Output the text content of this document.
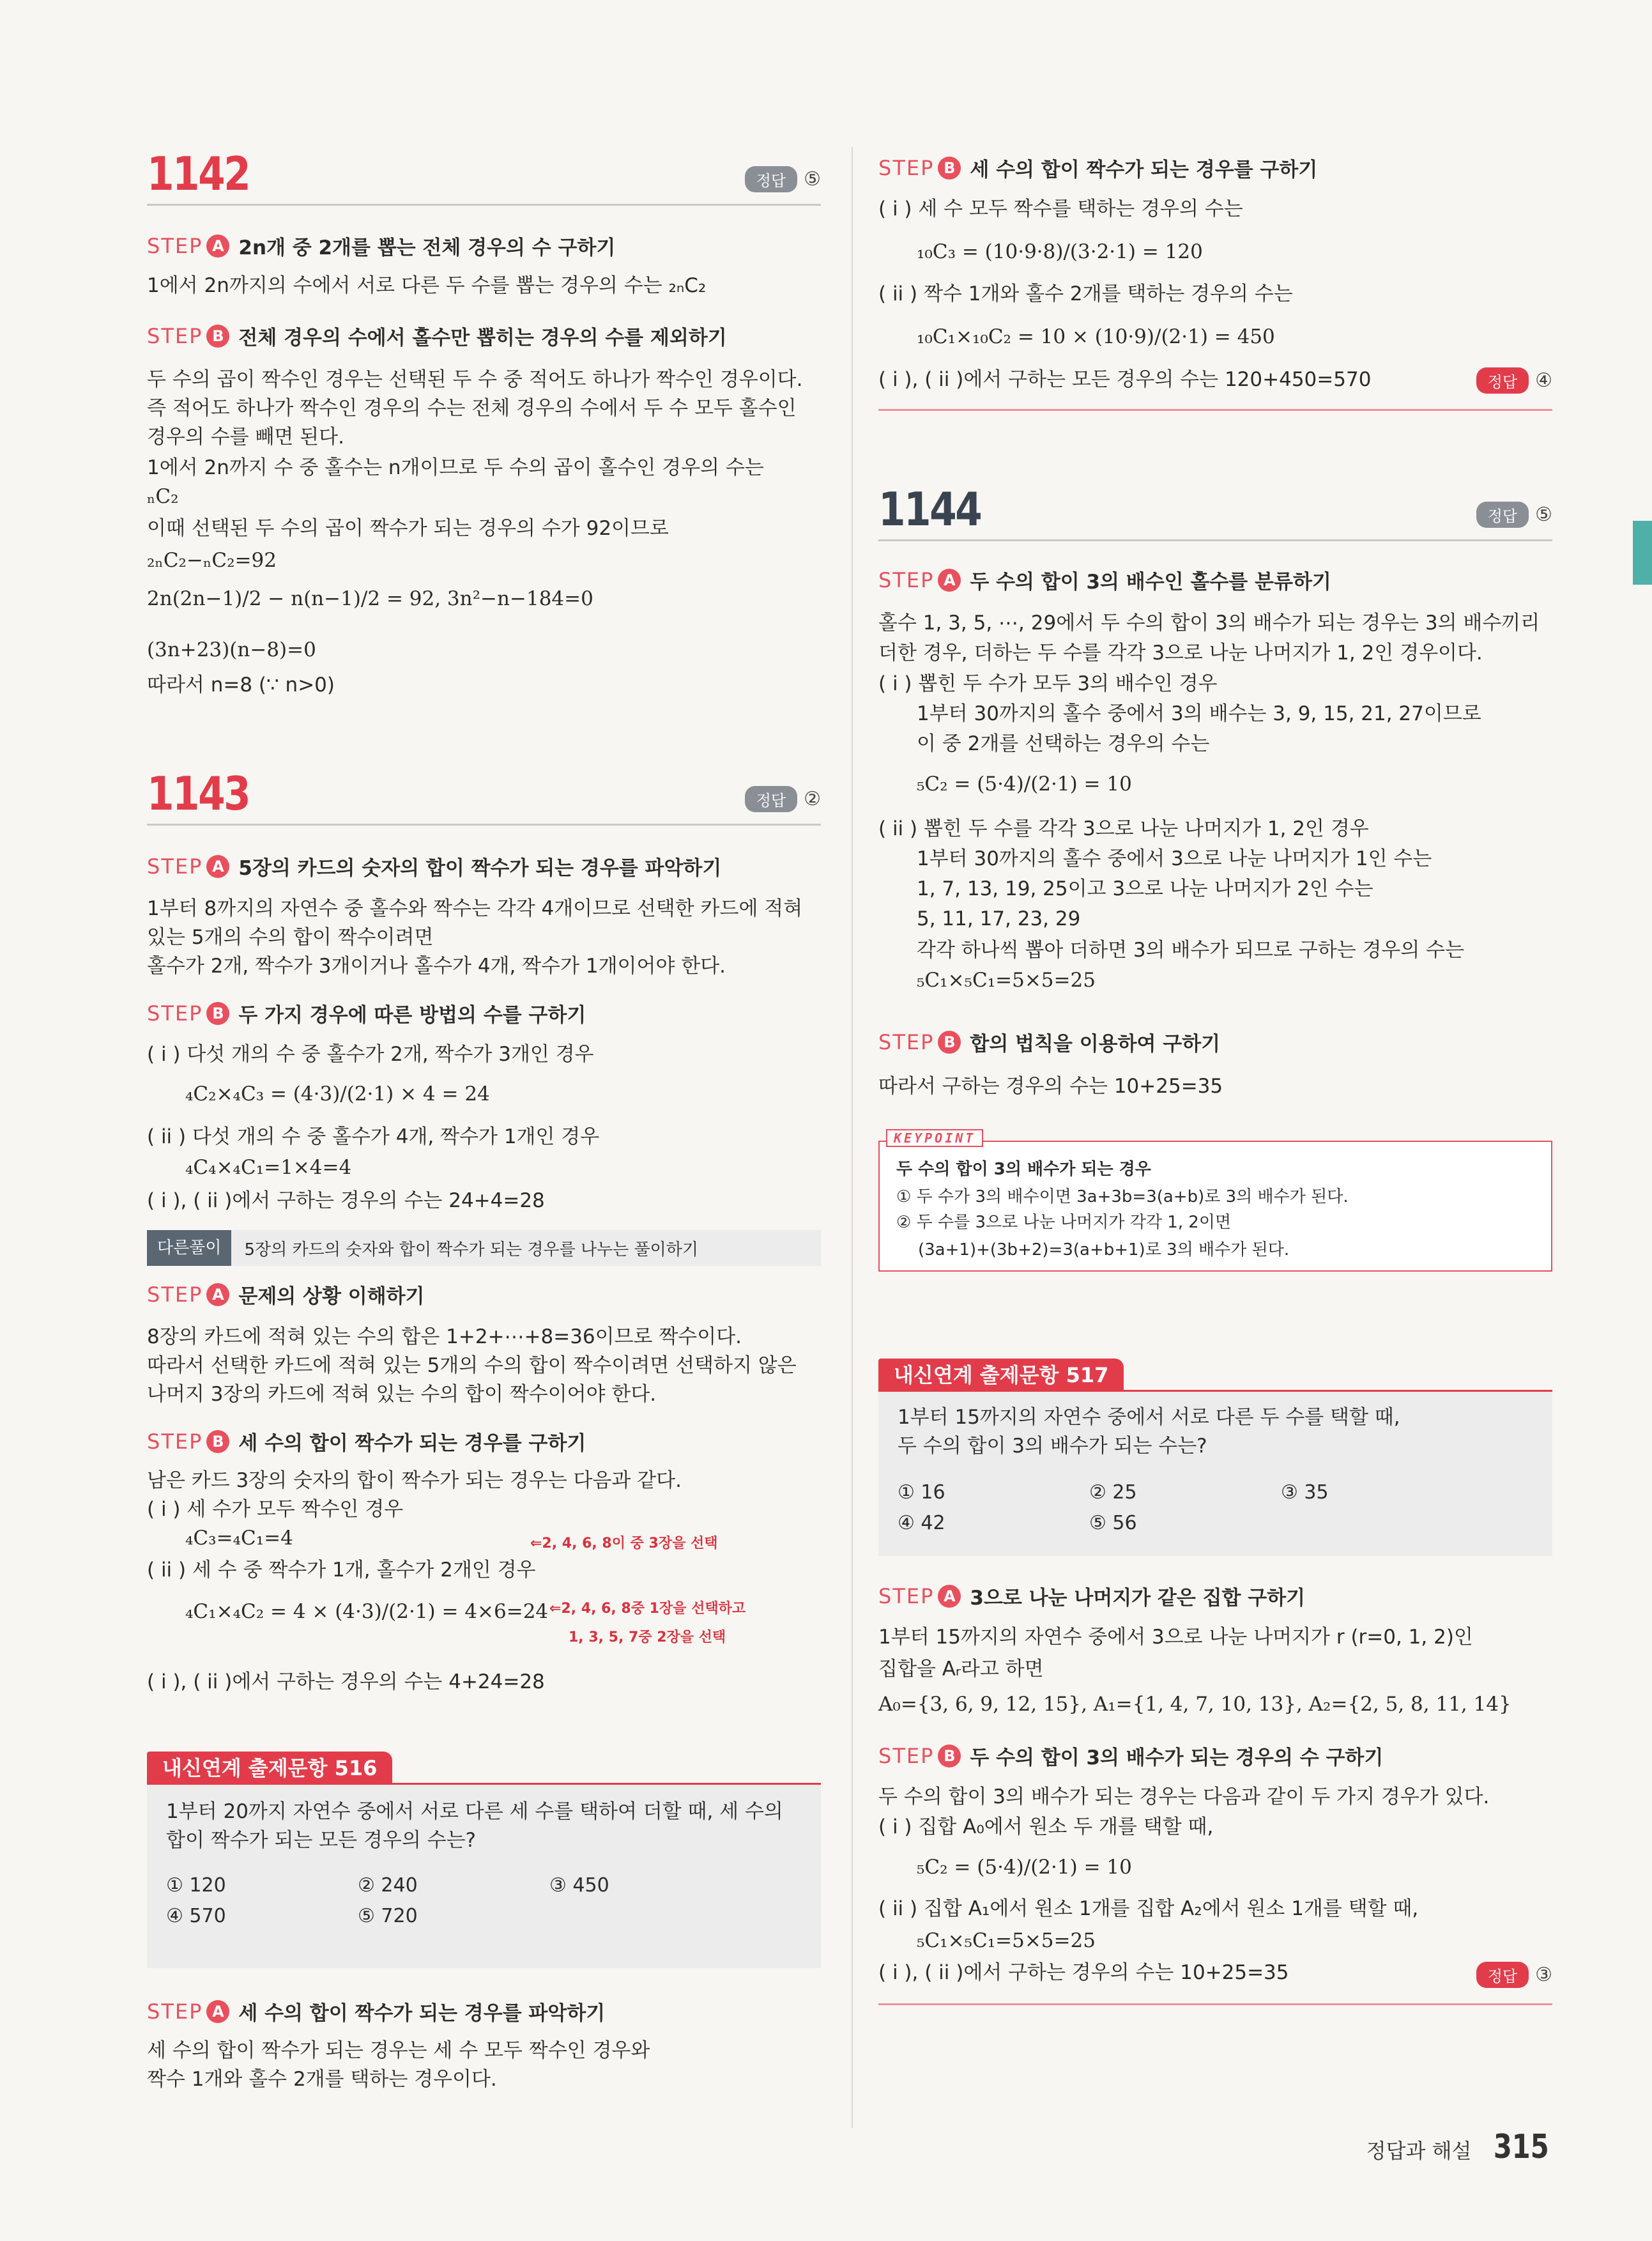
1142	정답 ⑤
STEP A 2n개 중 2개를 뽑는 전체 경우의 수 구하기
1에서 2n까지의 수에서 서로 다른 두 수를 뽑는 경우의 수는 ₂ₙC₂
STEP B 전체 경우의 수에서 홀수만 뽑히는 경우의 수를 제외하기
두 수의 곱이 짝수인 경우는 선택된 두 수 중 적어도 하나가 짝수인 경우이다.
즉 적어도 하나가 짝수인 경우의 수는 전체 경우의 수에서 두 수 모두 홀수인
경우의 수를 빼면 된다.
1에서 2n까지 수 중 홀수는 n개이므로 두 수의 곱이 홀수인 경우의 수는
ₙC₂
이때 선택된 두 수의 곱이 짝수가 되는 경우의 수가 92이므로
₂ₙC₂−ₙC₂=92
2n(2n−1)/2 − n(n−1)/2 = 92, 3n²−n−184=0
(3n+23)(n−8)=0
따라서 n=8 (∵ n>0)
1143	정답 ②
STEP A 5장의 카드의 숫자의 합이 짝수가 되는 경우를 파악하기
1부터 8까지의 자연수 중 홀수와 짝수는 각각 4개이므로 선택한 카드에 적혀
있는 5개의 수의 합이 짝수이려면
홀수가 2개, 짝수가 3개이거나 홀수가 4개, 짝수가 1개이어야 한다.
STEP B 두 가지 경우에 따른 방법의 수를 구하기
( i ) 다섯 개의 수 중 홀수가 2개, 짝수가 3개인 경우
₄C₂×₄C₃ = (4·3)/(2·1) × 4 = 24
( ii ) 다섯 개의 수 중 홀수가 4개, 짝수가 1개인 경우
₄C₄×₄C₁=1×4=4
( i ), ( ii )에서 구하는 경우의 수는 24+4=28
다른풀이	5장의 카드의 숫자와 합이 짝수가 되는 경우를 나누는 풀이하기
STEP A 문제의 상황 이해하기
8장의 카드에 적혀 있는 수의 합은 1+2+⋯+8=36이므로 짝수이다.
따라서 선택한 카드에 적혀 있는 5개의 수의 합이 짝수이려면 선택하지 않은
나머지 3장의 카드에 적혀 있는 수의 합이 짝수이어야 한다.
STEP B 세 수의 합이 짝수가 되는 경우를 구하기
남은 카드 3장의 숫자의 합이 짝수가 되는 경우는 다음과 같다.
( i ) 세 수가 모두 짝수인 경우
₄C₃=₄C₁=4	⇐2, 4, 6, 8이 중 3장을 선택
( ii ) 세 수 중 짝수가 1개, 홀수가 2개인 경우
₄C₁×₄C₂ = 4 × (4·3)/(2·1) = 4×6=24 ⇐2, 4, 6, 8중 1장을 선택하고
1, 3, 5, 7중 2장을 선택
( i ), ( ii )에서 구하는 경우의 수는 4+24=28
내신연계 출제문항 516
1부터 20까지 자연수 중에서 서로 다른 세 수를 택하여 더할 때, 세 수의
합이 짝수가 되는 모든 경우의 수는?
① 120	② 240	③ 450
④ 570	⑤ 720
STEP A 세 수의 합이 짝수가 되는 경우를 파악하기
세 수의 합이 짝수가 되는 경우는 세 수 모두 짝수인 경우와
짝수 1개와 홀수 2개를 택하는 경우이다.
STEP B 세 수의 합이 짝수가 되는 경우를 구하기
( i ) 세 수 모두 짝수를 택하는 경우의 수는
₁₀C₃ = (10·9·8)/(3·2·1) = 120
( ii ) 짝수 1개와 홀수 2개를 택하는 경우의 수는
₁₀C₁×₁₀C₂ = 10 × (10·9)/(2·1) = 450
( i ), ( ii )에서 구하는 모든 경우의 수는 120+450=570	정답 ④
1144	정답 ⑤
STEP A 두 수의 합이 3의 배수인 홀수를 분류하기
홀수 1, 3, 5, ⋯, 29에서 두 수의 합이 3의 배수가 되는 경우는 3의 배수끼리
더한 경우, 더하는 두 수를 각각 3으로 나눈 나머지가 1, 2인 경우이다.
( i ) 뽑힌 두 수가 모두 3의 배수인 경우
1부터 30까지의 홀수 중에서 3의 배수는 3, 9, 15, 21, 27이므로
이 중 2개를 선택하는 경우의 수는
₅C₂ = (5·4)/(2·1) = 10
( ii ) 뽑힌 두 수를 각각 3으로 나눈 나머지가 1, 2인 경우
1부터 30까지의 홀수 중에서 3으로 나눈 나머지가 1인 수는
1, 7, 13, 19, 25이고 3으로 나눈 나머지가 2인 수는
5, 11, 17, 23, 29
각각 하나씩 뽑아 더하면 3의 배수가 되므로 구하는 경우의 수는
₅C₁×₅C₁=5×5=25
STEP B 합의 법칙을 이용하여 구하기
따라서 구하는 경우의 수는 10+25=35
KEYPOINT
두 수의 합이 3의 배수가 되는 경우
① 두 수가 3의 배수이면 3a+3b=3(a+b)로 3의 배수가 된다.
② 두 수를 3으로 나눈 나머지가 각각 1, 2이면
(3a+1)+(3b+2)=3(a+b+1)로 3의 배수가 된다.
내신연계 출제문항 517
1부터 15까지의 자연수 중에서 서로 다른 두 수를 택할 때,
두 수의 합이 3의 배수가 되는 수는?
① 16	② 25	③ 35
④ 42	⑤ 56
STEP A 3으로 나눈 나머지가 같은 집합 구하기
1부터 15까지의 자연수 중에서 3으로 나눈 나머지가 r (r=0, 1, 2)인
집합을 Aᵣ라고 하면
A₀={3, 6, 9, 12, 15}, A₁={1, 4, 7, 10, 13}, A₂={2, 5, 8, 11, 14}
STEP B 두 수의 합이 3의 배수가 되는 경우의 수 구하기
두 수의 합이 3의 배수가 되는 경우는 다음과 같이 두 가지 경우가 있다.
( i ) 집합 A₀에서 원소 두 개를 택할 때,
₅C₂ = (5·4)/(2·1) = 10
( ii ) 집합 A₁에서 원소 1개를 집합 A₂에서 원소 1개를 택할 때,
₅C₁×₅C₁=5×5=25
( i ), ( ii )에서 구하는 경우의 수는 10+25=35	정답 ③
정답과 해설 315
